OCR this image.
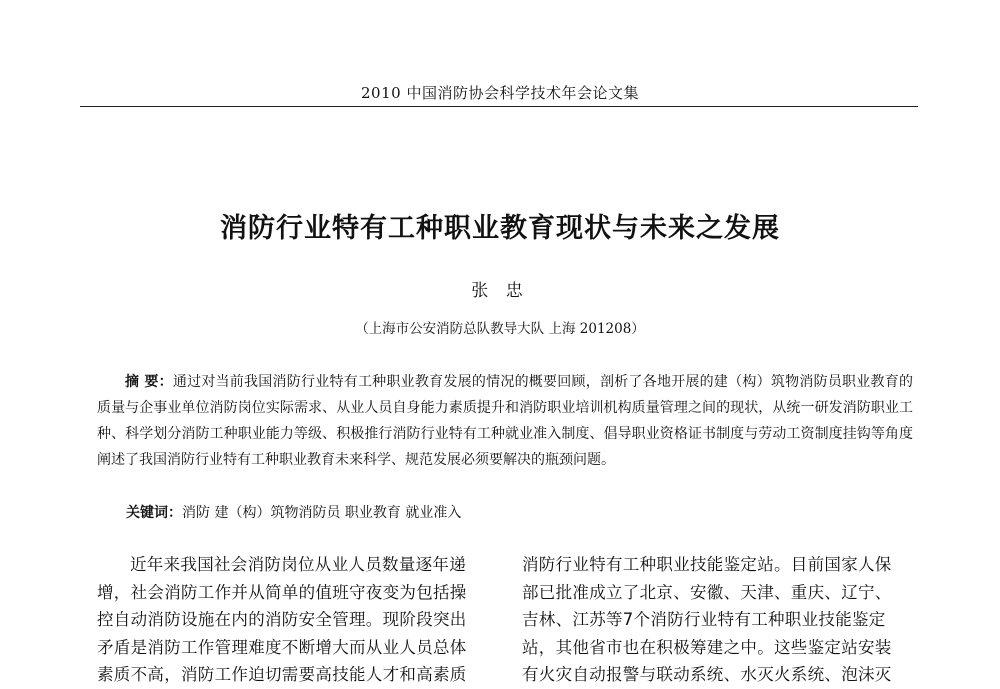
2010 中国消防协会科学技术年会论文集
消防行业特有工种职业教育现状与未来之发展
张 忠
（上海市公安消防总队教导大队 上海 201208）
摘 要：通过对当前我国消防行业特有工种职业教育发展的情况的概要回顾，剖析了各地开展的建（构）筑物消防员职业教育的质量与企事业单位消防岗位实际需求、从业人员自身能力素质提升和消防职业培训机构质量管理之间的现状，从统一研发消防职业工种、科学划分消防工种职业能力等级、积极推行消防行业特有工种就业准入制度、倡导职业资格证书制度与劳动工资制度挂钩等角度阐述了我国消防行业特有工种职业教育未来科学、规范发展必须要解决的瓶颈问题。
关键词：消防 建（构）筑物消防员 职业教育 就业准入
近年来我国社会消防岗位从业人员数量逐年递增，社会消防工作并从简单的值班守夜变为包括操控自动消防设施在内的消防安全管理。现阶段突出矛盾是消防工作管理难度不断增大而从业人员总体素质不高，消防工作迫切需要高技能人才和高素质
消防行业特有工种职业技能鉴定站。目前国家人保部已批准成立了北京、安徽、天津、重庆、辽宁、吉林、江苏等7个消防行业特有工种职业技能鉴定站，其他省市也在积极筹建之中。这些鉴定站安装有火灾自动报警与联动系统、水灭火系统、泡沫灭
